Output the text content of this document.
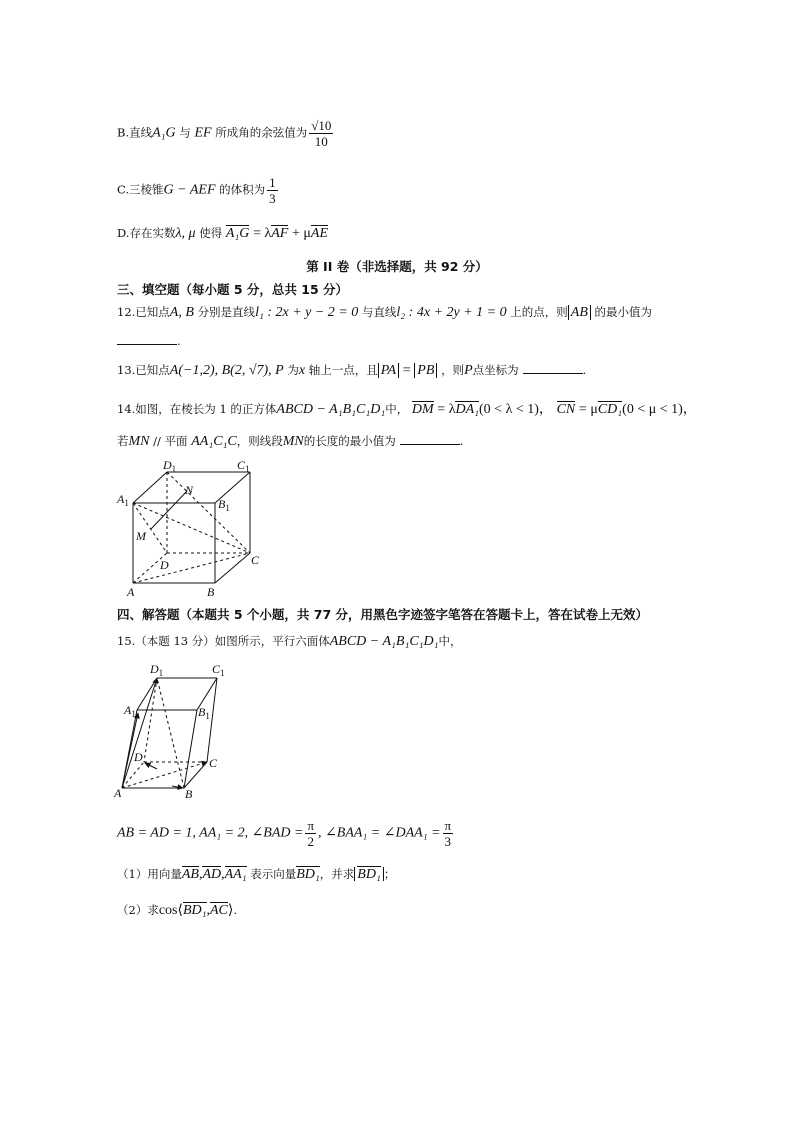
B.直线A₁G 与 EF 所成角的余弦值为 $\frac{√10}{10}$
C.三棱锥G − AEF 的体积为 $\frac{1}{3}$
D.存在实数λ, μ 使得 A₁G = λAF + μAE
第 II 卷（非选择题，共 92 分）
三、填空题（每小题 5 分，总共 15 分）
12.已知点A, B 分别是直线l₁ : 2x + y − 2 = 0 与直线l₂ : 4x + 2y + 1 = 0 上的点，则 AB 的最小值为
.
13.已知点A(−1,2), B(2, √7), P 为x 轴上一点，且 PA = PB ，则P点坐标为	.
14.如图，在棱长为 1 的正方体ABCD − A₁B₁C₁D₁中， DM = λDA₁(0 < λ < 1)， CN = μCD₁(0 < μ < 1)，
若MN // 平面 AA₁C₁C，则线段MN的长度的最小值为	.
$D_1$	$C_1$
$A_1$	$B_1$
N
M
D	C
A	B
四、解答题（本题共 5 个小题，共 77 分，用黑色字迹签字笔答在答题卡上，答在试卷上无效）
15.（本题 13 分）如图所示，平行六面体ABCD − A₁B₁C₁D₁中，
$D_1$	$C_1$
$A_1$	$B_1$
D	C
A	B
AB = AD = 1, AA₁ = 2, ∠BAD = $\frac{\pi}{2}$ , ∠BAA₁ = ∠DAA₁ = $\frac{\pi}{3}$
（1）用向量AB,AD,AA₁ 表示向量BD₁，并求 BD₁ ；
（2）求cos⟨BD₁,AC⟩.
